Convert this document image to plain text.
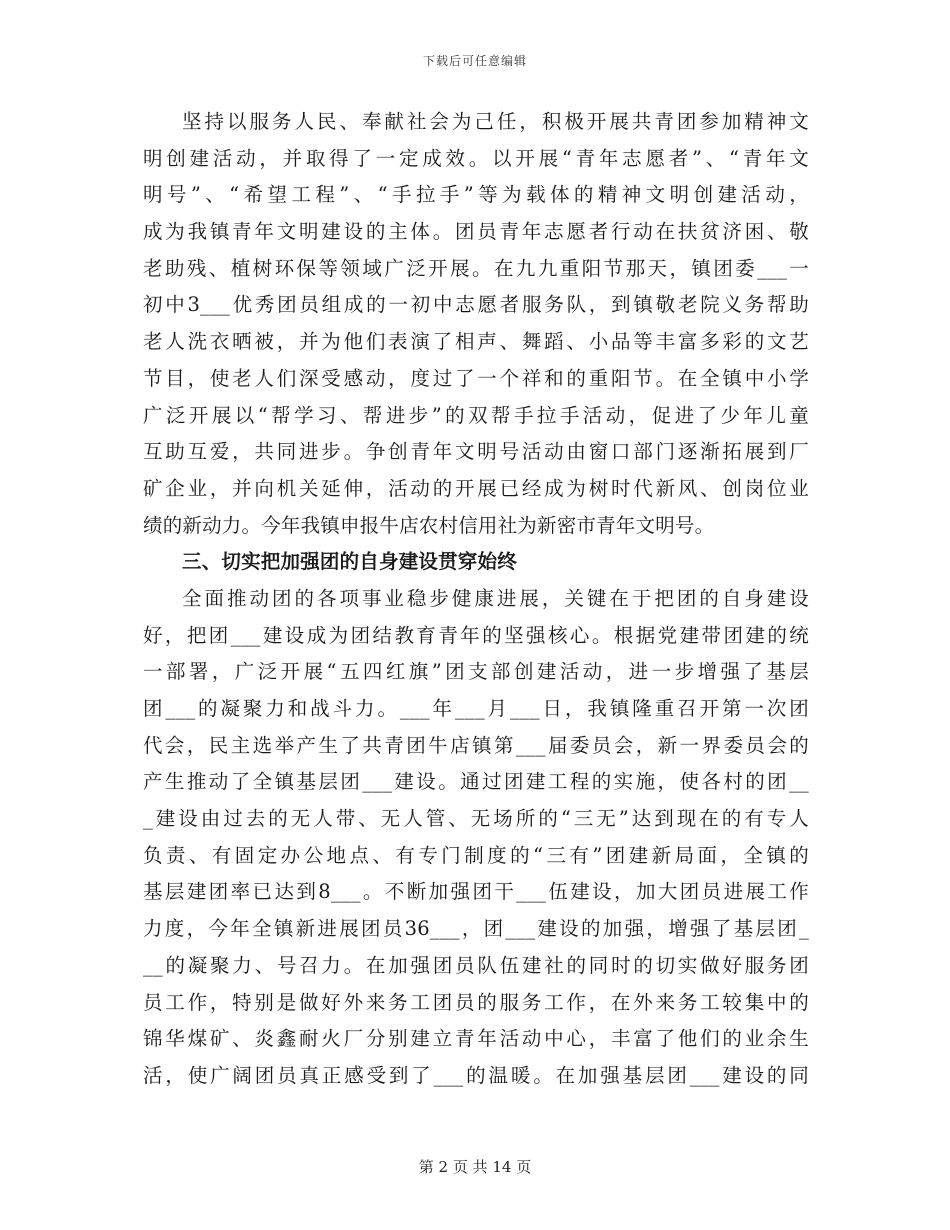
下载后可任意编辑
坚持以服务人民、奉献社会为己任，积极开展共青团参加精神文
明创建活动，并取得了一定成效。以开展“青年志愿者”、“青年文
明号”、“希望工程”、“手拉手”等为载体的精神文明创建活动，
成为我镇青年文明建设的主体。团员青年志愿者行动在扶贫济困、敬
老助残、植树环保等领域广泛开展。在九九重阳节那天，镇团委___一
初中3___优秀团员组成的一初中志愿者服务队，到镇敬老院义务帮助
老人洗衣晒被，并为他们表演了相声、舞蹈、小品等丰富多彩的文艺
节目，使老人们深受感动，度过了一个祥和的重阳节。在全镇中小学
广泛开展以“帮学习、帮进步”的双帮手拉手活动，促进了少年儿童
互助互爱，共同进步。争创青年文明号活动由窗口部门逐渐拓展到厂
矿企业，并向机关延伸，活动的开展已经成为树时代新风、创岗位业
绩的新动力。今年我镇申报牛店农村信用社为新密市青年文明号。
三、切实把加强团的自身建设贯穿始终
全面推动团的各项事业稳步健康进展，关键在于把团的自身建设
好，把团___建设成为团结教育青年的坚强核心。根据党建带团建的统
一部署，广泛开展“五四红旗”团支部创建活动，进一步增强了基层
团___的凝聚力和战斗力。___年___月___日，我镇隆重召开第一次团
代会，民主选举产生了共青团牛店镇第___届委员会，新一界委员会的
产生推动了全镇基层团___建设。通过团建工程的实施，使各村的团__
_建设由过去的无人带、无人管、无场所的“三无”达到现在的有专人
负责、有固定办公地点、有专门制度的“三有”团建新局面，全镇的
基层建团率已达到8___。不断加强团干___伍建设，加大团员进展工作
力度，今年全镇新进展团员36___，团___建设的加强，增强了基层团_
__的凝聚力、号召力。在加强团员队伍建社的同时的切实做好服务团
员工作，特别是做好外来务工团员的服务工作，在外来务工较集中的
锦华煤矿、炎鑫耐火厂分别建立青年活动中心，丰富了他们的业余生
活，使广阔团员真正感受到了___的温暖。在加强基层团___建设的同
第 2 页 共 14 页
